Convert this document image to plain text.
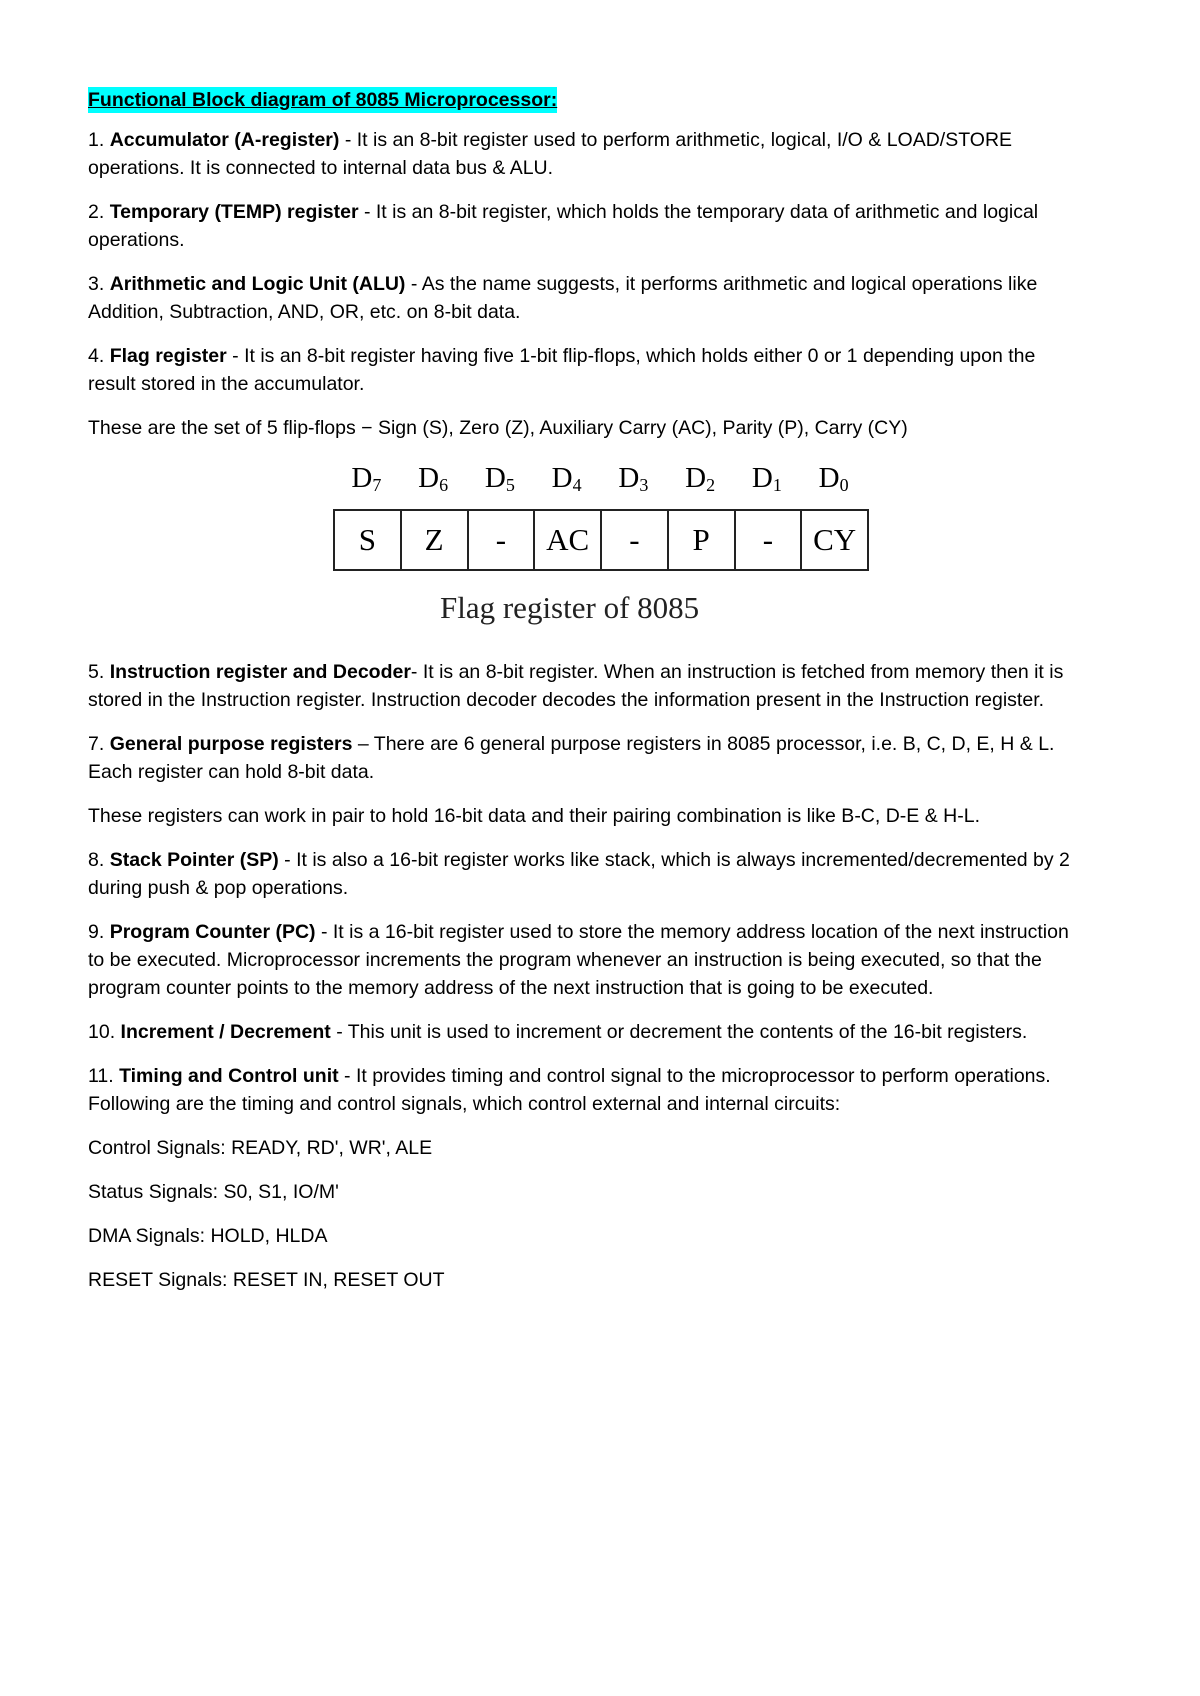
Functional Block diagram of 8085 Microprocessor:

1. Accumulator (A-register) - It is an 8-bit register used to perform arithmetic, logical, I/O & LOAD/STORE operations. It is connected to internal data bus & ALU.

2. Temporary (TEMP) register - It is an 8-bit register, which holds the temporary data of arithmetic and logical operations.

3. Arithmetic and Logic Unit (ALU) - As the name suggests, it performs arithmetic and logical operations like Addition, Subtraction, AND, OR, etc. on 8-bit data.

4. Flag register - It is an 8-bit register having five 1-bit flip-flops, which holds either 0 or 1 depending upon the result stored in the accumulator.

These are the set of 5 flip-flops − Sign (S), Zero (Z), Auxiliary Carry (AC), Parity (P), Carry (CY)

$D_7$	$D_6$	$D_5$	$D_4$	$D_3$	$D_2$	$D_1$	$D_0$
S	Z	-	AC	-	P	-	CY
Flag register of 8085

5. Instruction register and Decoder- It is an 8-bit register. When an instruction is fetched from memory then it is stored in the Instruction register. Instruction decoder decodes the information present in the Instruction register.

7. General purpose registers – There are 6 general purpose registers in 8085 processor, i.e. B, C, D, E, H & L. Each register can hold 8-bit data.

These registers can work in pair to hold 16-bit data and their pairing combination is like B-C, D-E & H-L.

8. Stack Pointer (SP) - It is also a 16-bit register works like stack, which is always incremented/decremented by 2 during push & pop operations.

9. Program Counter (PC) - It is a 16-bit register used to store the memory address location of the next instruction to be executed. Microprocessor increments the program whenever an instruction is being executed, so that the program counter points to the memory address of the next instruction that is going to be executed.

10. Increment / Decrement - This unit is used to increment or decrement the contents of the 16-bit registers.

11. Timing and Control unit - It provides timing and control signal to the microprocessor to perform operations. Following are the timing and control signals, which control external and internal circuits:

Control Signals: READY, RD', WR', ALE

Status Signals: S0, S1, IO/M'

DMA Signals: HOLD, HLDA

RESET Signals: RESET IN, RESET OUT
